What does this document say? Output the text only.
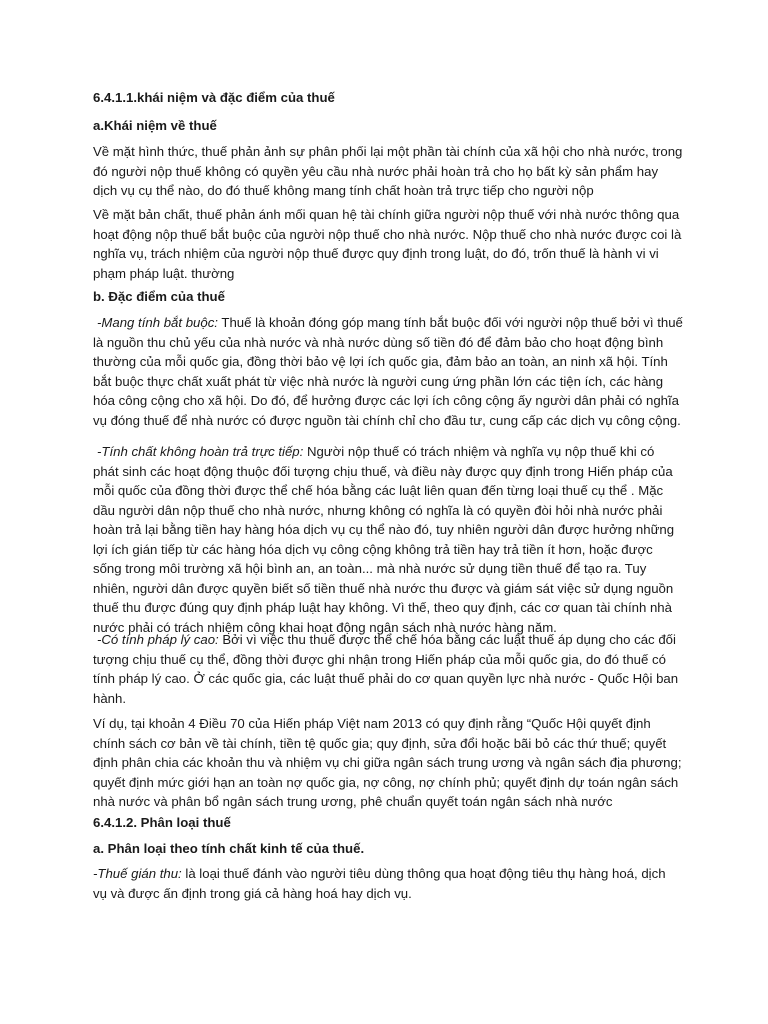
6.4.1.1.khái niệm và đặc điểm của thuế

a.Khái niệm về thuế

Về mặt hình thức, thuế phản ảnh sự phân phối lại một phần tài chính của xã hội cho nhà nước, trong đó người nộp thuế không có quyền yêu cầu nhà nước phải hoàn trả cho họ bất kỳ sản phẩm hay dịch vụ cụ thể nào, do đó thuế không mang tính chất hoàn trả trực tiếp cho người nộp

Về mặt bản chất, thuế phản ánh mối quan hệ tài chính giữa người nộp thuế với nhà nước thông qua hoạt động nộp thuế bắt buộc của người nộp thuế cho nhà nước. Nộp thuế cho nhà nước được coi là nghĩa vụ, trách nhiệm của người nộp thuế được quy định trong luật, do đó, trốn thuế là hành vi vi phạm pháp luật. thường

b. Đặc điểm của thuế

-Mang tính bắt buộc: Thuế là khoản đóng góp mang tính bắt buộc đối với người nộp thuế bởi vì thuế là nguồn thu chủ yếu của nhà nước và nhà nước dùng số tiền đó để đảm bảo cho hoạt động bình thường của mỗi quốc gia, đồng thời bảo vệ lợi ích quốc gia, đảm bảo an toàn, an ninh xã hội. Tính bắt buộc thực chất xuất phát từ việc nhà nước là người cung ứng phần lớn các tiện ích, các hàng hóa công cộng cho xã hội. Do đó, để hưởng được các lợi ích công cộng ấy người dân phải có nghĩa vụ đóng thuế để nhà nước có được nguồn tài chính chỉ cho đầu tư, cung cấp các dịch vụ công cộng.

-Tính chất không hoàn trả trực tiếp: Người nộp thuế có trách nhiệm và nghĩa vụ nộp thuế khi có phát sinh các hoạt động thuộc đối tượng chịu thuế, và điều này được quy định trong Hiến pháp của mỗi quốc của đồng thời được thể chế hóa bằng các luật liên quan đến từng loại thuế cụ thể . Mặc dầu người dân nộp thuế cho nhà nước, nhưng không có nghĩa là có quyền đòi hỏi nhà nước phải hoàn trả lại bằng tiền hay hàng hóa dịch vụ cụ thể nào đó, tuy nhiên người dân được hưởng những lợi ích gián tiếp từ các hàng hóa dịch vụ công cộng không trả tiền hay trả tiền ít hơn, hoặc được sống trong môi trường xã hội bình an, an toàn... mà nhà nước sử dụng tiền thuế để tạo ra. Tuy nhiên, người dân được quyền biết số tiền thuế nhà nước thu được và giám sát việc sử dụng nguồn thuế thu được đúng quy định pháp luật hay không. Vì thế, theo quy định, các cơ quan tài chính nhà nước phải có trách nhiệm công khai hoạt động ngân sách nhà nước hàng năm.

-Có tính pháp lý cao: Bởi vì việc thu thuế được thể chế hóa bằng các luật thuế áp dụng cho các đối tượng chịu thuế cụ thể, đồng thời được ghi nhận trong Hiến pháp của mỗi quốc gia, do đó thuế có tính pháp lý cao. Ở các quốc gia, các luật thuế phải do cơ quan quyền lực nhà nước - Quốc Hội ban hành.

Ví dụ, tại khoản 4 Điều 70 của Hiến pháp Việt nam 2013 có quy định rằng “Quốc Hội quyết định chính sách cơ bản về tài chính, tiền tệ quốc gia; quy định, sửa đổi hoặc bãi bỏ các thứ thuế; quyết định phân chia các khoản thu và nhiệm vụ chi giữa ngân sách trung ương và ngân sách địa phương; quyết định mức giới hạn an toàn nợ quốc gia, nợ công, nợ chính phủ; quyết định dự toán ngân sách nhà nước và phân bổ ngân sách trung ương, phê chuẩn quyết toán ngân sách nhà nước

6.4.1.2. Phân loại thuế

a. Phân loại theo tính chất kinh tế của thuế.

-Thuế gián thu: là loại thuế đánh vào người tiêu dùng thông qua hoạt động tiêu thụ hàng hoá, dịch vụ và được ấn định trong giá cả hàng hoá hay dịch vụ.
